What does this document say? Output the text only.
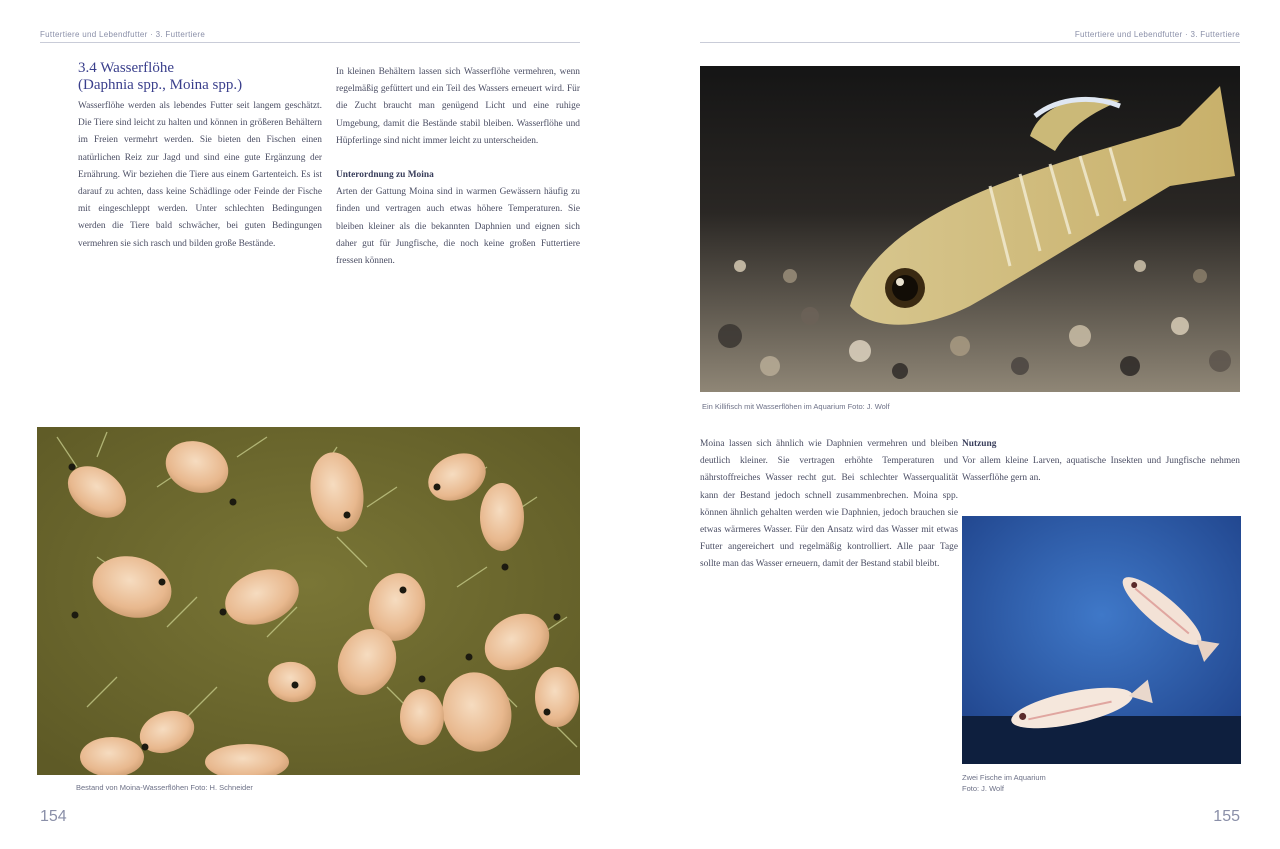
Futtertiere und Lebendfutter · 3. Futtertiere

3.4 Wasserflöhe

(Daphnia spp., Moina spp.)

Wasserflöhe werden als lebendes Futter seit langem geschätzt. Die Tiere sind leicht zu halten und können in größeren Behältern im Freien vermehrt werden. Sie bieten den Fischen einen natürlichen Reiz zur Jagd und sind eine gute Ergänzung der Ernährung. Wir beziehen die Tiere aus einem Gartenteich. Es ist darauf zu achten, dass keine Schädlinge oder Feinde der Fische mit eingeschleppt werden. Unter schlechten Bedingungen werden die Tiere bald schwächer, bei guten Bedingungen vermehren sie sich rasch und bilden große Bestände.

In kleinen Behältern lassen sich Wasserflöhe vermehren, wenn regelmäßig gefüttert und ein Teil des Wassers erneuert wird. Für die Zucht braucht man genügend Licht und eine ruhige Umgebung, damit die Bestände stabil bleiben. Wasserflöhe und Hüpferlinge sind nicht immer leicht zu unterscheiden.

Unterordnung zu Moina

Arten der Gattung Moina sind in warmen Gewässern häufig zu finden und vertragen auch etwas höhere Temperaturen. Sie bleiben kleiner als die bekannten Daphnien und eignen sich daher gut für Jungfische, die noch keine großen Futtertiere fressen können.

Bestand von Moina-Wasserflöhen Foto: H. Schneider
154
Futtertiere und Lebendfutter · 3. Futtertiere
Ein Killifisch mit Wasserflöhen im Aquarium Foto: J. Wolf

Moina lassen sich ähnlich wie Daphnien vermehren und bleiben deutlich kleiner. Sie vertragen erhöhte Temperaturen und nährstoffreiches Wasser recht gut. Bei schlechter Wasserqualität kann der Bestand jedoch schnell zusammenbrechen. Moina spp. können ähnlich gehalten werden wie Daphnien, jedoch brauchen sie etwas wärmeres Wasser. Für den Ansatz wird das Wasser mit etwas Futter angereichert und regelmäßig kontrolliert. Alle paar Tage sollte man das Wasser erneuern, damit der Bestand stabil bleibt.

Nutzung

Vor allem kleine Larven, aquatische Insekten und Jungfische nehmen Wasserflöhe gern an.

Zwei Fische im Aquarium
Foto: J. Wolf
155
